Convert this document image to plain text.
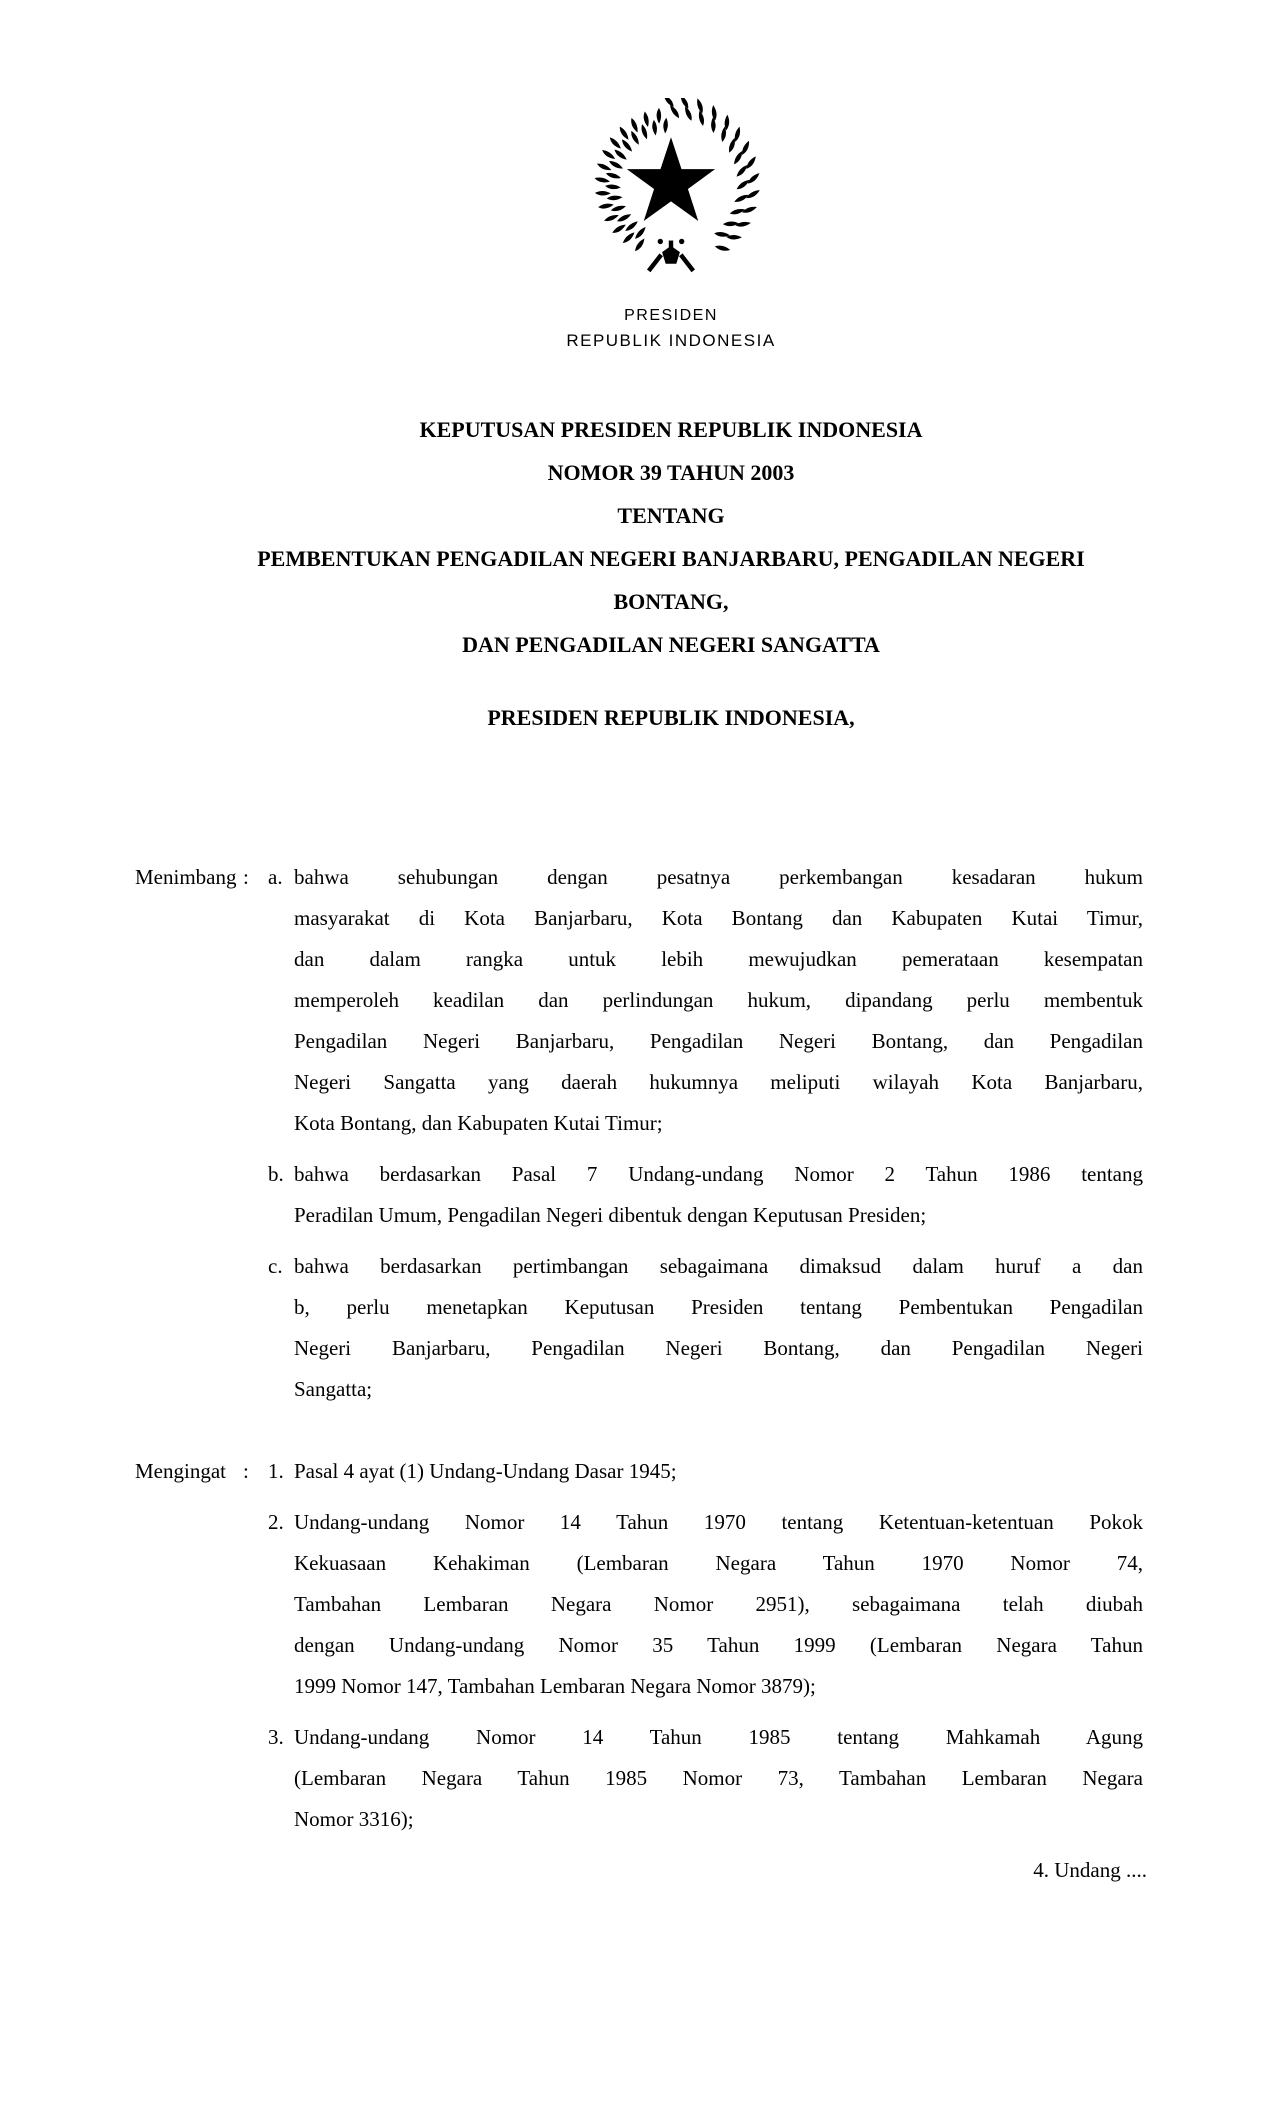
PRESIDEN
REPUBLIK INDONESIA
KEPUTUSAN PRESIDEN REPUBLIK INDONESIA
NOMOR 39 TAHUN 2003
TENTANG
PEMBENTUKAN PENGADILAN NEGERI BANJARBARU, PENGADILAN NEGERI
BONTANG,
DAN PENGADILAN NEGERI SANGATTA
PRESIDEN REPUBLIK INDONESIA,
Menimbang : a. bahwa sehubungan dengan pesatnya perkembangan kesadaran hukum
masyarakat di Kota Banjarbaru, Kota Bontang dan Kabupaten Kutai Timur,
dan dalam rangka untuk lebih mewujudkan pemerataan kesempatan
memperoleh keadilan dan perlindungan hukum, dipandang perlu membentuk
Pengadilan Negeri Banjarbaru, Pengadilan Negeri Bontang, dan Pengadilan
Negeri Sangatta yang daerah hukumnya meliputi wilayah Kota Banjarbaru,
Kota Bontang, dan Kabupaten Kutai Timur;
b. bahwa berdasarkan Pasal 7 Undang-undang Nomor 2 Tahun 1986 tentang
Peradilan Umum, Pengadilan Negeri dibentuk dengan Keputusan Presiden;
c. bahwa berdasarkan pertimbangan sebagaimana dimaksud dalam huruf a dan
b, perlu menetapkan Keputusan Presiden tentang Pembentukan Pengadilan
Negeri Banjarbaru, Pengadilan Negeri Bontang, dan Pengadilan Negeri
Sangatta;
Mengingat : 1. Pasal 4 ayat (1) Undang-Undang Dasar 1945;
2. Undang-undang Nomor 14 Tahun 1970 tentang Ketentuan-ketentuan Pokok
Kekuasaan Kehakiman (Lembaran Negara Tahun 1970 Nomor 74,
Tambahan Lembaran Negara Nomor 2951), sebagaimana telah diubah
dengan Undang-undang Nomor 35 Tahun 1999 (Lembaran Negara Tahun
1999 Nomor 147, Tambahan Lembaran Negara Nomor 3879);
3. Undang-undang Nomor 14 Tahun 1985 tentang Mahkamah Agung
(Lembaran Negara Tahun 1985 Nomor 73, Tambahan Lembaran Negara
Nomor 3316);
4. Undang ....
